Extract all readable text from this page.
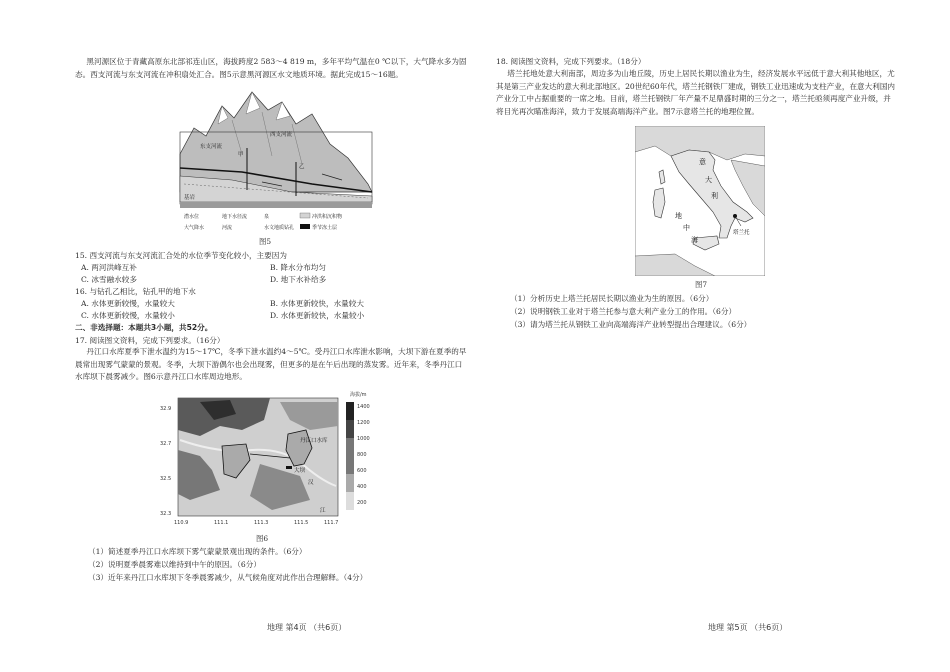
黑河源区位于青藏高原东北部祁连山区，海拔跨度2 583～4 819 m，多年平均气温在0 ℃以下，大气降水多为固态。西支河流与东支河流在冲积扇处汇合。图5示意黑河源区水文地质环境。据此完成15～16题。
基岩
西支河流
东支河流
甲
乙
潜水位	地下水径流	泉	冲洪积沉积物
大气降水	河流	水文地质钻孔	季节冻土层
图5
15. 西支河流与东支河流汇合处的水位季节变化较小，主要因为
A. 两河洪峰互补	B. 降水分布均匀
C. 冰雪融水较多	D. 地下水补给多
16. 与钻孔乙相比，钻孔甲的地下水
A. 水体更新较慢，水量较大	B. 水体更新较快，水量较大
C. 水体更新较慢，水量较小	D. 水体更新较快，水量较小
二、非选择题：本题共3小题，共52分。
17. 阅读图文资料，完成下列要求。（16分）
丹江口水库夏季下泄水温约为15～17℃，冬季下泄水温约4～5℃。受丹江口水库泄水影响，大坝下游在夏季的早晨常出现雾气蒙蒙的景观。冬季，大坝下游偶尔也会出现雾，但更多的是在午后出现的蒸发雾。近年来，冬季丹江口水库坝下晨雾减少。图6示意丹江口水库周边地形。
32.9
32.7
32.5
32.3
丹江口水库
大坝
汉
江
110.9	111.1	111.3	111.5	111.7
海拔/m
1400
1200
1000
800
600
400
200
图6
（1）简述夏季丹江口水库坝下雾气蒙蒙景观出现的条件。（6分）
（2）说明夏季晨雾难以维持到中午的原因。（6分）
（3）近年来丹江口水库坝下冬季晨雾减少，从气候角度对此作出合理解释。（4分）
地理 第4页 （共6页）
18. 阅读图文资料，完成下列要求。（18分）
塔兰托地处意大利南部，周边多为山地丘陵，历史上居民长期以渔业为生，经济发展水平远低于意大利其他地区，尤其是第三产业发达的意大利北部地区。20世纪60年代，塔兰托钢铁厂建成，钢铁工业迅速成为支柱产业，在意大利国内产业分工中占据重要的一席之地。目前，塔兰托钢铁厂年产量不足鼎盛时期的三分之一，塔兰托亟须再度产业升级，并将目光再次瞄准海洋，致力于发展高端海洋产业。图7示意塔兰托的地理位置。
塔兰托
意
大
利
地
中
海
图7
（1）分析历史上塔兰托居民长期以渔业为生的原因。（6分）
（2）说明钢铁工业对于塔兰托参与意大利产业分工的作用。（6分）
（3）请为塔兰托从钢铁工业向高端海洋产业转型提出合理建议。（6分）
地理 第5页 （共6页）
